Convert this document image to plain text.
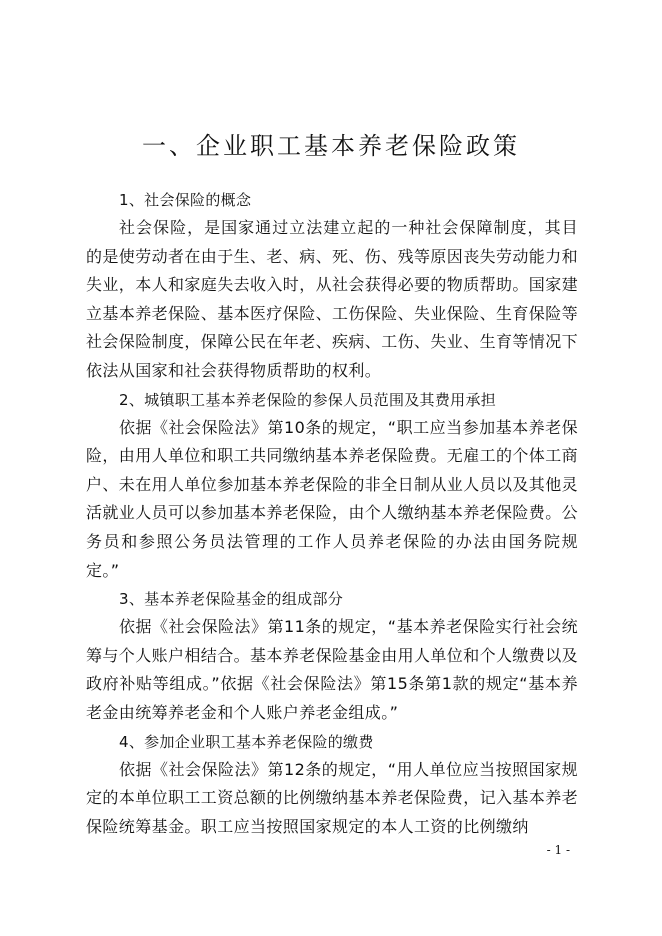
一、企业职工基本养老保险政策

1、社会保险的概念

社会保险，是国家通过立法建立起的一种社会保障制度，其目的是使劳动者在由于生、老、病、死、伤、残等原因丧失劳动能力和失业，本人和家庭失去收入时，从社会获得必要的物质帮助。国家建立基本养老保险、基本医疗保险、工伤保险、失业保险、生育保险等社会保险制度，保障公民在年老、疾病、工伤、失业、生育等情况下依法从国家和社会获得物质帮助的权利。

2、城镇职工基本养老保险的参保人员范围及其费用承担

依据《社会保险法》第10条的规定，“职工应当参加基本养老保险，由用人单位和职工共同缴纳基本养老保险费。无雇工的个体工商户、未在用人单位参加基本养老保险的非全日制从业人员以及其他灵活就业人员可以参加基本养老保险，由个人缴纳基本养老保险费。公务员和参照公务员法管理的工作人员养老保险的办法由国务院规定。”

3、基本养老保险基金的组成部分

依据《社会保险法》第11条的规定，“基本养老保险实行社会统筹与个人账户相结合。基本养老保险基金由用人单位和个人缴费以及政府补贴等组成。”依据《社会保险法》第15条第1款的规定“基本养老金由统筹养老金和个人账户养老金组成。”

4、参加企业职工基本养老保险的缴费

依据《社会保险法》第12条的规定，“用人单位应当按照国家规定的本单位职工工资总额的比例缴纳基本养老保险费，记入基本养老保险统筹基金。职工应当按照国家规定的本人工资的比例缴纳

- 1 -
